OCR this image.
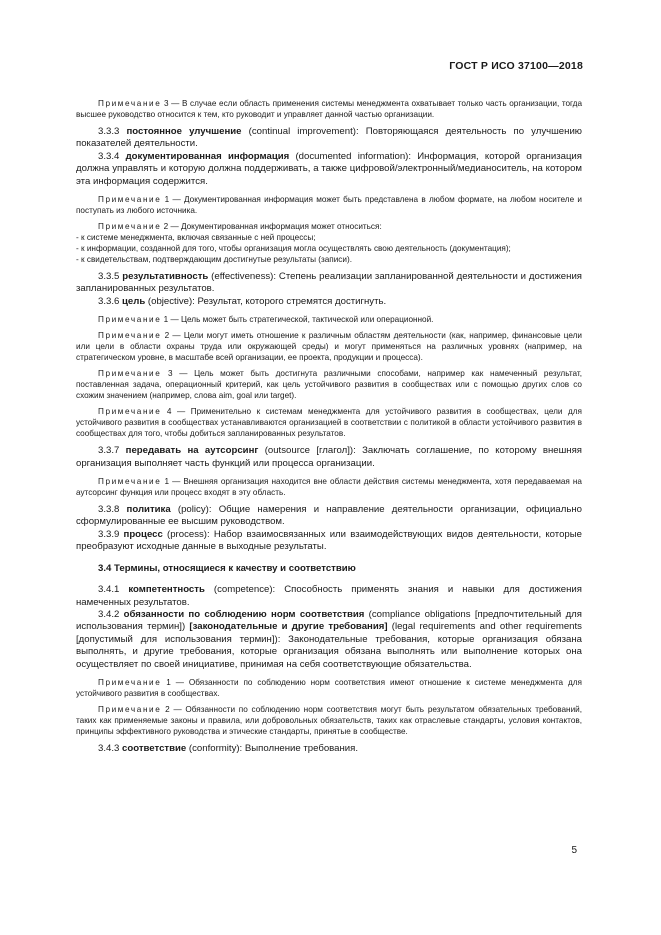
ГОСТ Р ИСО 37100—2018

Примечание 3 — В случае если область применения системы менеджмента охватывает только часть организации, тогда высшее руководство относится к тем, кто руководит и управляет данной частью организации.

3.3.3 постоянное улучшение (continual improvement): Повторяющаяся деятельность по улучшению показателей деятельности.

3.3.4 документированная информация (documented information): Информация, которой организация должна управлять и которую должна поддерживать, а также цифровой/электронный/медианоситель, на котором эта информация содержится.

Примечание 1 — Документированная информация может быть представлена в любом формате, на любом носителе и поступать из любого источника.

Примечание 2 — Документированная информация может относиться:

- к системе менеджмента, включая связанные с ней процессы;

- к информации, созданной для того, чтобы организация могла осуществлять свою деятельность (документация);

- к свидетельствам, подтверждающим достигнутые результаты (записи).

3.3.5 результативность (effectiveness): Степень реализации запланированной деятельности и достижения запланированных результатов.

3.3.6 цель (objective): Результат, которого стремятся достигнуть.

Примечание 1 — Цель может быть стратегической, тактической или операционной.

Примечание 2 — Цели могут иметь отношение к различным областям деятельности (как, например, финансовые цели или цели в области охраны труда или окружающей среды) и могут применяться на различных уровнях (например, на стратегическом уровне, в масштабе всей организации, ее проекта, продукции и процесса).

Примечание 3 — Цель может быть достигнута различными способами, например как намеченный результат, поставленная задача, операционный критерий, как цель устойчивого развития в сообществах или с помощью других слов со схожим значением (например, слова aim, goal или target).

Примечание 4 — Применительно к системам менеджмента для устойчивого развития в сообществах, цели для устойчивого развития в сообществах устанавливаются организацией в соответствии с политикой в области устойчивого развития в сообществах для того, чтобы добиться запланированных результатов.

3.3.7 передавать на аутсорсинг (outsource [глагол]): Заключать соглашение, по которому внешняя организация выполняет часть функций или процесса организации.

Примечание 1 — Внешняя организация находится вне области действия системы менеджмента, хотя передаваемая на аутсорсинг функция или процесс входят в эту область.

3.3.8 политика (policy): Общие намерения и направление деятельности организации, официально сформулированные ее высшим руководством.

3.3.9 процесс (process): Набор взаимосвязанных или взаимодействующих видов деятельности, которые преобразуют исходные данные в выходные результаты.

3.4 Термины, относящиеся к качеству и соответствию

3.4.1 компетентность (competence): Способность применять знания и навыки для достижения намеченных результатов.

3.4.2 обязанности по соблюдению норм соответствия (compliance obligations [предпочтительный для использования термин]) [законодательные и другие требования] (legal requirements and other requirements [допустимый для использования термин]): Законодательные требования, которые организация обязана выполнять, и другие требования, которые организация обязана выполнять или выполнение которых она осуществляет по своей инициативе, принимая на себя соответствующие обязательства.

Примечание 1 — Обязанности по соблюдению норм соответствия имеют отношение к системе менеджмента для устойчивого развития в сообществах.

Примечание 2 — Обязанности по соблюдению норм соответствия могут быть результатом обязательных требований, таких как применяемые законы и правила, или добровольных обязательств, таких как отраслевые стандарты, условия контактов, принципы эффективного руководства и этические стандарты, принятые в сообществе.

3.4.3 соответствие (conformity): Выполнение требования.

5
